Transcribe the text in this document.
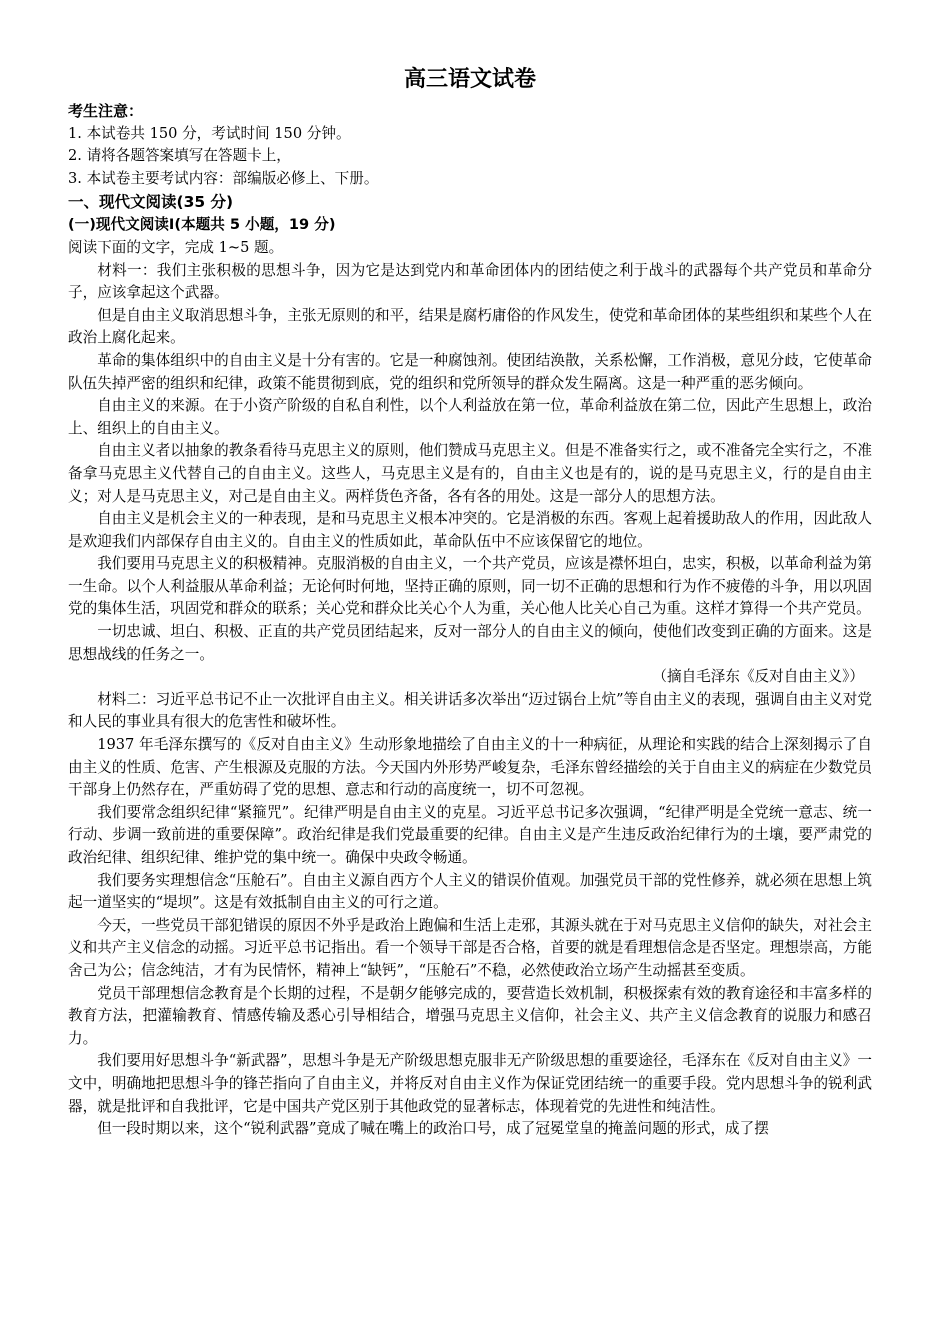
高三语文试卷
考生注意：
1. 本试卷共 150 分，考试时间 150 分钟。
2. 请将各题答案填写在答题卡上，
3. 本试卷主要考试内容：部编版必修上、下册。
一、现代文阅读(35 分)
(一)现代文阅读Ⅰ(本题共 5 小题，19 分)
阅读下面的文字，完成 1~5 题。

材料一：我们主张积极的思想斗争，因为它是达到党内和革命团体内的团结使之利于战斗的武器每个共产党员和革命分子，应该拿起这个武器。

但是自由主义取消思想斗争，主张无原则的和平，结果是腐朽庸俗的作风发生，使党和革命团体的某些组织和某些个人在政治上腐化起来。

革命的集体组织中的自由主义是十分有害的。它是一种腐蚀剂。使团结涣散，关系松懈，工作消极，意见分歧，它使革命队伍失掉严密的组织和纪律，政策不能贯彻到底，党的组织和党所领导的群众发生隔离。这是一种严重的恶劣倾向。

自由主义的来源。在于小资产阶级的自私自利性，以个人利益放在第一位，革命利益放在第二位，因此产生思想上，政治上、组织上的自由主义。

自由主义者以抽象的教条看待马克思主义的原则，他们赞成马克思主义。但是不准备实行之，或不准备完全实行之，不准备拿马克思主义代替自己的自由主义。这些人，马克思主义是有的，自由主义也是有的，说的是马克思主义，行的是自由主义；对人是马克思主义，对己是自由主义。两样货色齐备，各有各的用处。这是一部分人的思想方法。

自由主义是机会主义的一种表现，是和马克思主义根本冲突的。它是消极的东西。客观上起着援助敌人的作用，因此敌人是欢迎我们内部保存自由主义的。自由主义的性质如此，革命队伍中不应该保留它的地位。

我们要用马克思主义的积极精神。克服消极的自由主义，一个共产党员，应该是襟怀坦白，忠实，积极，以革命利益为第一生命。以个人利益服从革命利益；无论何时何地，坚持正确的原则，同一切不正确的思想和行为作不疲倦的斗争，用以巩固党的集体生活，巩固党和群众的联系；关心党和群众比关心个人为重，关心他人比关心自己为重。这样才算得一个共产党员。

一切忠诚、坦白、积极、正直的共产党员团结起来，反对一部分人的自由主义的倾向，使他们改变到正确的方面来。这是思想战线的任务之一。

（摘自毛泽东《反对自由主义》）

材料二：习近平总书记不止一次批评自由主义。相关讲话多次举出“迈过锅台上炕”等自由主义的表现，强调自由主义对党和人民的事业具有很大的危害性和破坏性。

1937 年毛泽东撰写的《反对自由主义》生动形象地描绘了自由主义的十一种病征，从理论和实践的结合上深刻揭示了自由主义的性质、危害、产生根源及克服的方法。今天国内外形势严峻复杂，毛泽东曾经描绘的关于自由主义的病症在少数党员干部身上仍然存在，严重妨碍了党的思想、意志和行动的高度统一，切不可忽视。

我们要常念组织纪律“紧箍咒”。纪律严明是自由主义的克星。习近平总书记多次强调，“纪律严明是全党统一意志、统一行动、步调一致前进的重要保障”。政治纪律是我们党最重要的纪律。自由主义是产生违反政治纪律行为的土壤，要严肃党的政治纪律、组织纪律、维护党的集中统一。确保中央政令畅通。

我们要务实理想信念“压舱石”。自由主义源自西方个人主义的错误价值观。加强党员干部的党性修养，就必须在思想上筑起一道坚实的“堤坝”。这是有效抵制自由主义的可行之道。

今天，一些党员干部犯错误的原因不外乎是政治上跑偏和生活上走邪，其源头就在于对马克思主义信仰的缺失，对社会主义和共产主义信念的动摇。习近平总书记指出。看一个领导干部是否合格，首要的就是看理想信念是否坚定。理想崇高，方能舍己为公；信念纯洁，才有为民情怀，精神上“缺钙”，“压舱石”不稳，必然使政治立场产生动摇甚至变质。

党员干部理想信念教育是个长期的过程，不是朝夕能够完成的，要营造长效机制，积极探索有效的教育途径和丰富多样的教育方法，把灌输教育、情感传输及悉心引导相结合，增强马克思主义信仰，社会主义、共产主义信念教育的说服力和感召力。

我们要用好思想斗争“新武器”，思想斗争是无产阶级思想克服非无产阶级思想的重要途径，毛泽东在《反对自由主义》一文中，明确地把思想斗争的锋芒指向了自由主义，并将反对自由主义作为保证党团结统一的重要手段。党内思想斗争的锐利武器，就是批评和自我批评，它是中国共产党区别于其他政党的显著标志，体现着党的先进性和纯洁性。

但一段时期以来，这个“锐利武器”竟成了喊在嘴上的政治口号，成了冠冕堂皇的掩盖问题的形式，成了摆
